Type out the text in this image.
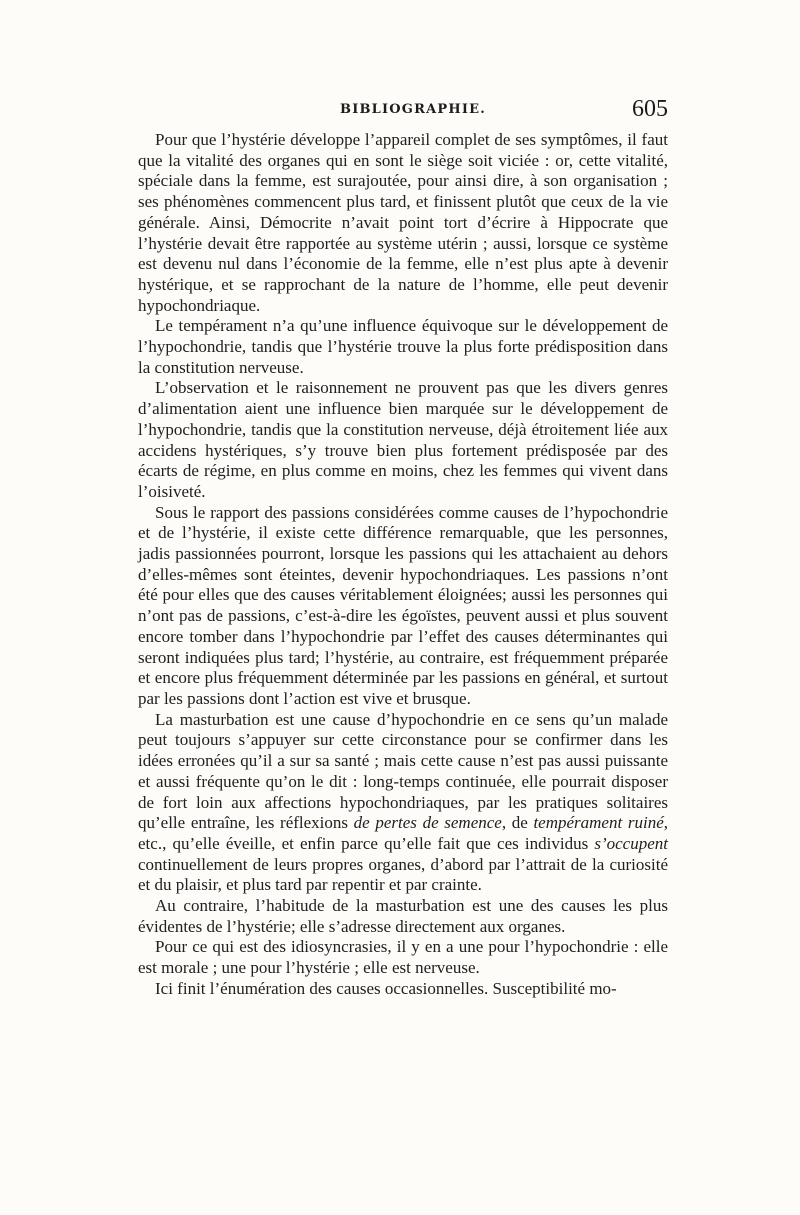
BIBLIOGRAPHIE.	605

Pour que l’hystérie développe l’appareil complet de ses symptômes, il faut que la vitalité des organes qui en sont le siège soit viciée : or, cette vitalité, spéciale dans la femme, est surajoutée, pour ainsi dire, à son organisation ; ses phénomènes commencent plus tard, et finissent plutôt que ceux de la vie générale. Ainsi, Démocrite n’avait point tort d’écrire à Hippocrate que l’hystérie devait être rapportée au système utérin ; aussi, lorsque ce système est devenu nul dans l’économie de la femme, elle n’est plus apte à devenir hystérique, et se rapprochant de la nature de l’homme, elle peut devenir hypochondriaque.

Le tempérament n’a qu’une influence équivoque sur le développement de l’hypochondrie, tandis que l’hystérie trouve la plus forte prédisposition dans la constitution nerveuse.

L’observation et le raisonnement ne prouvent pas que les divers genres d’alimentation aient une influence bien marquée sur le développement de l’hypochondrie, tandis que la constitution nerveuse, déjà étroitement liée aux accidens hystériques, s’y trouve bien plus fortement prédisposée par des écarts de régime, en plus comme en moins, chez les femmes qui vivent dans l’oisiveté.

Sous le rapport des passions considérées comme causes de l’hypochondrie et de l’hystérie, il existe cette différence remarquable, que les personnes, jadis passionnées pourront, lorsque les passions qui les attachaient au dehors d’elles-mêmes sont éteintes, devenir hypochondriaques. Les passions n’ont été pour elles que des causes véritablement éloignées; aussi les personnes qui n’ont pas de passions, c’est-à-dire les égoïstes, peuvent aussi et plus souvent encore tomber dans l’hypochondrie par l’effet des causes déterminantes qui seront indiquées plus tard; l’hystérie, au contraire, est fréquemment préparée et encore plus fréquemment déterminée par les passions en général, et surtout par les passions dont l’action est vive et brusque.

La masturbation est une cause d’hypochondrie en ce sens qu’un malade peut toujours s’appuyer sur cette circonstance pour se confirmer dans les idées erronées qu’il a sur sa santé ; mais cette cause n’est pas aussi puissante et aussi fréquente qu’on le dit : long-temps continuée, elle pourrait disposer de fort loin aux affections hypochondriaques, par les pratiques solitaires qu’elle entraîne, les réflexions de pertes de semence, de tempérament ruiné, etc., qu’elle éveille, et enfin parce qu’elle fait que ces individus s’occupent continuellement de leurs propres organes, d’abord par l’attrait de la curiosité et du plaisir, et plus tard par repentir et par crainte.

Au contraire, l’habitude de la masturbation est une des causes les plus évidentes de l’hystérie; elle s’adresse directement aux organes.

Pour ce qui est des idiosyncrasies, il y en a une pour l’hypochondrie : elle est morale ; une pour l’hystérie ; elle est nerveuse.

Ici finit l’énumération des causes occasionnelles. Susceptibilité mo-
